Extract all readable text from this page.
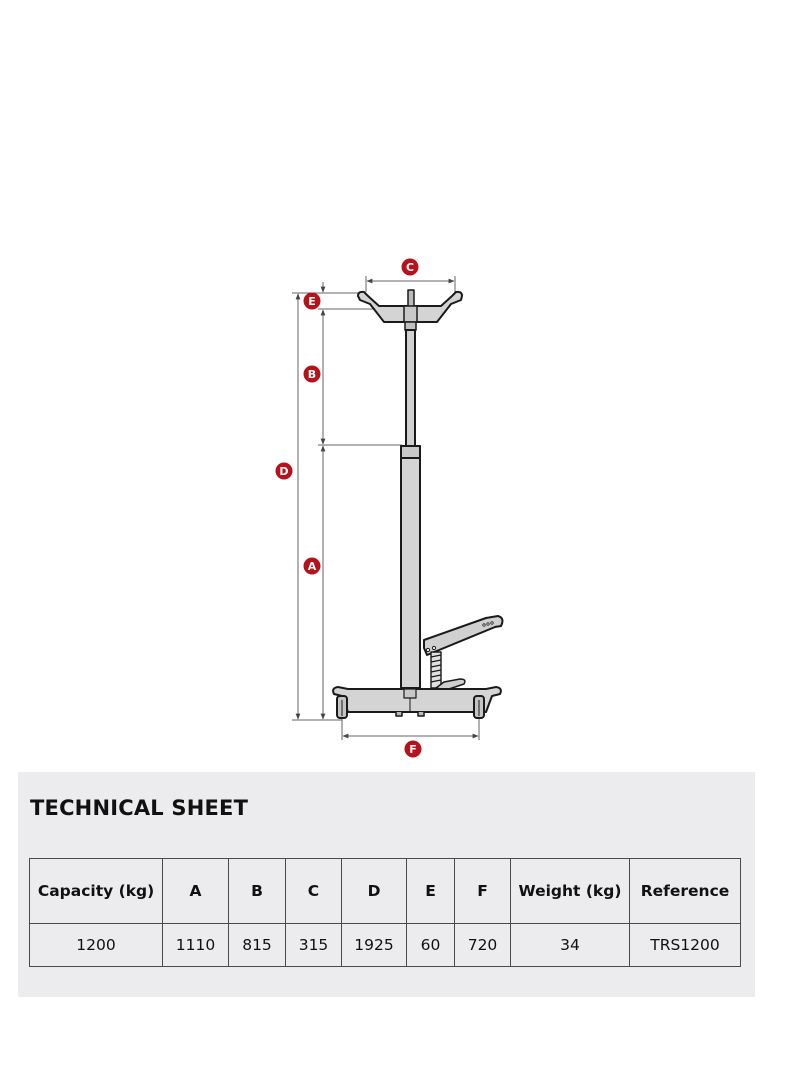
C
E
B
D
A
F
TECHNICAL SHEET
Capacity (kg)	A	B	C	D	E	F	Weight (kg)	Reference
1200	1110	815	315	1925	60	720	34	TRS1200
